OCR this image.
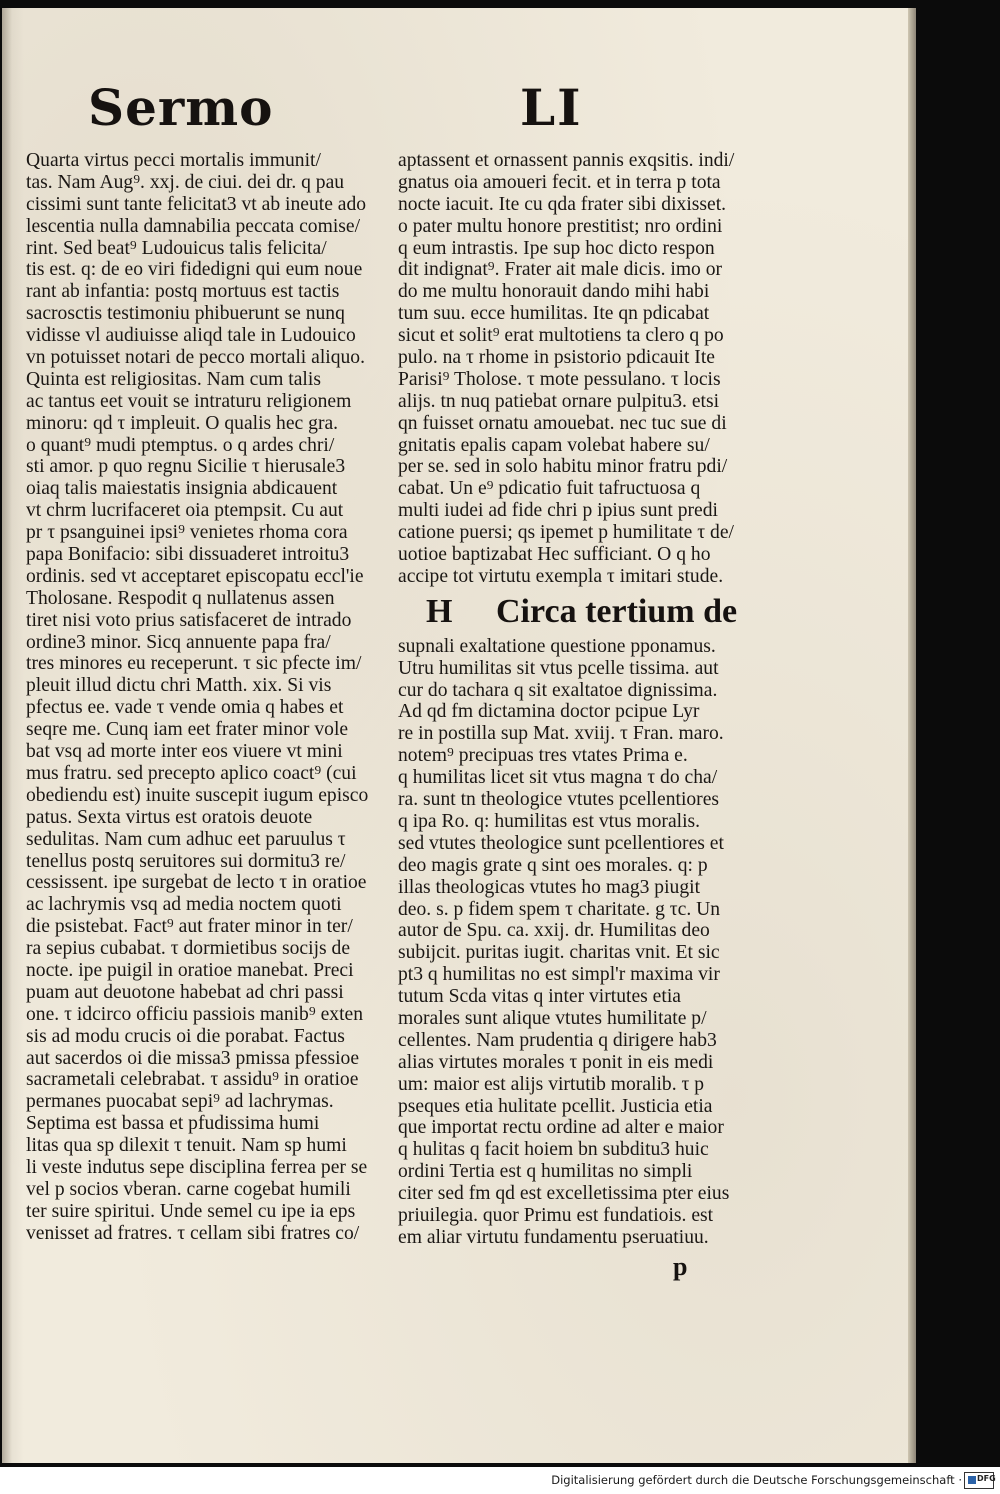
Sermo	LI
Quarta virtus pecci mortalis immunit/
tas. Nam Aug⁹. xxj. de ciui. dei dr. q pau
cissimi sunt tante felicitat3 vt ab ineute ado
lescentia nulla damnabilia peccata comise/
rint. Sed beat⁹ Ludouicus talis felicita/
tis est. q: de eo viri fidedigni qui eum noue
rant ab infantia: postq mortuus est tactis
sacrosctis testimoniu phibuerunt se nunq
vidisse vl audiuisse aliqd tale in Ludouico
vn potuisset notari de pecco mortali aliquo.
Quinta est religiositas. Nam cum talis
ac tantus eet vouit se intraturu religionem
minoru: qd τ impleuit. O qualis hec gra.
o quant⁹ mudi ptemptus. o q ardes chri/
sti amor. p quo regnu Sicilie τ hierusale3
oiaq talis maiestatis insignia abdicauent
vt chrm lucrifaceret oia ptempsit. Cu aut
pr τ psanguinei ipsi⁹ venietes rhoma cora
papa Bonifacio: sibi dissuaderet introitu3
ordinis. sed vt acceptaret episcopatu eccl'ie
Tholosane. Respodit q nullatenus assen
tiret nisi voto prius satisfaceret de intrado
ordine3 minor. Sicq annuente papa fra/
tres minores eu receperunt. τ sic pfecte im/
pleuit illud dictu chri Matth. xix. Si vis
pfectus ee. vade τ vende omia q habes et
seqre me. Cunq iam eet frater minor vole
bat vsq ad morte inter eos viuere vt mini
mus fratru. sed precepto aplico coact⁹ (cui
obediendu est) inuite suscepit iugum episco
patus. Sexta virtus est oratois deuote
sedulitas. Nam cum adhuc eet paruulus τ
tenellus postq seruitores sui dormitu3 re/
cessissent. ipe surgebat de lecto τ in oratioe
ac lachrymis vsq ad media noctem quoti
die psistebat. Fact⁹ aut frater minor in ter/
ra sepius cubabat. τ dormietibus socijs de
nocte. ipe puigil in oratioe manebat. Preci
puam aut deuotone habebat ad chri passi
one. τ idcirco officiu passiois manib⁹ exten
sis ad modu crucis oi die porabat. Factus
aut sacerdos oi die missa3 pmissa pfessioe
sacrametali celebrabat. τ assidu⁹ in oratioe
permanes puocabat sepi⁹ ad lachrymas.
Septima est bassa et pfudissima humi
litas qua sp dilexit τ tenuit. Nam sp humi
li veste indutus sepe disciplina ferrea per se
vel p socios vberan. carne cogebat humili
ter suire spiritui. Unde semel cu ipe ia eps
venisset ad fratres. τ cellam sibi fratres co/
aptassent et ornassent pannis exqsitis. indi/
gnatus oia amoueri fecit. et in terra p tota
nocte iacuit. Ite cu qda frater sibi dixisset.
o pater multu honore prestitist; nro ordini
q eum intrastis. Ipe sup hoc dicto respon
dit indignat⁹. Frater ait male dicis. imo or
do me multu honorauit dando mihi habi
tum suu. ecce humilitas. Ite qn pdicabat
sicut et solit⁹ erat multotiens ta clero q po
pulo. na τ rhome in psistorio pdicauit Ite
Parisi⁹ Tholose. τ mote pessulano. τ locis
alijs. tn nuq patiebat ornare pulpitu3. etsi
qn fuisset ornatu amouebat. nec tuc sue di
gnitatis epalis capam volebat habere su/
per se. sed in solo habitu minor fratru pdi/
cabat. Un e⁹ pdicatio fuit tafructuosa q
multi iudei ad fide chri p ipius sunt predi
catione puersi; qs ipemet p humilitate τ de/
uotioe baptizabat Hec sufficiant. O q ho
accipe tot virtutu exempla τ imitari stude.
H Circa tertium de
supnali exaltatione questione pponamus.
Utru humilitas sit vtus pcelle tissima. aut
cur do tachara q sit exaltatoe dignissima.
Ad qd fm dictamina doctor pcipue Lyr
re in postilla sup Mat. xviij. τ Fran. maro.
notem⁹ precipuas tres vtates Prima e.
q humilitas licet sit vtus magna τ do cha/
ra. sunt tn theologice vtutes pcellentiores
q ipa Ro. q: humilitas est vtus moralis.
sed vtutes theologice sunt pcellentiores et
deo magis grate q sint oes morales. q: p
illas theologicas vtutes ho mag3 piugit
deo. s. p fidem spem τ charitate. g τc. Un
autor de Spu. ca. xxij. dr. Humilitas deo
subijcit. puritas iugit. charitas vnit. Et sic
pt3 q humilitas no est simpl'r maxima vir
tutum Scda vitas q inter virtutes etia
morales sunt alique vtutes humilitate p/
cellentes. Nam prudentia q dirigere hab3
alias virtutes morales τ ponit in eis medi
um: maior est alijs virtutib moralib. τ p
pseques etia hulitate pcellit. Justicia etia
que importat rectu ordine ad alter e maior
q hulitas q facit hoiem bn subditu3 huic
ordini Tertia est q humilitas no simpli
citer sed fm qd est excelletissima pter eius
priuilegia. quor Primu est fundatiois. est
em aliar virtutu fundamentu pseruatiuu.
p
Digitalisierung gefördert durch die Deutsche Forschungsgemeinschaft · DFG
